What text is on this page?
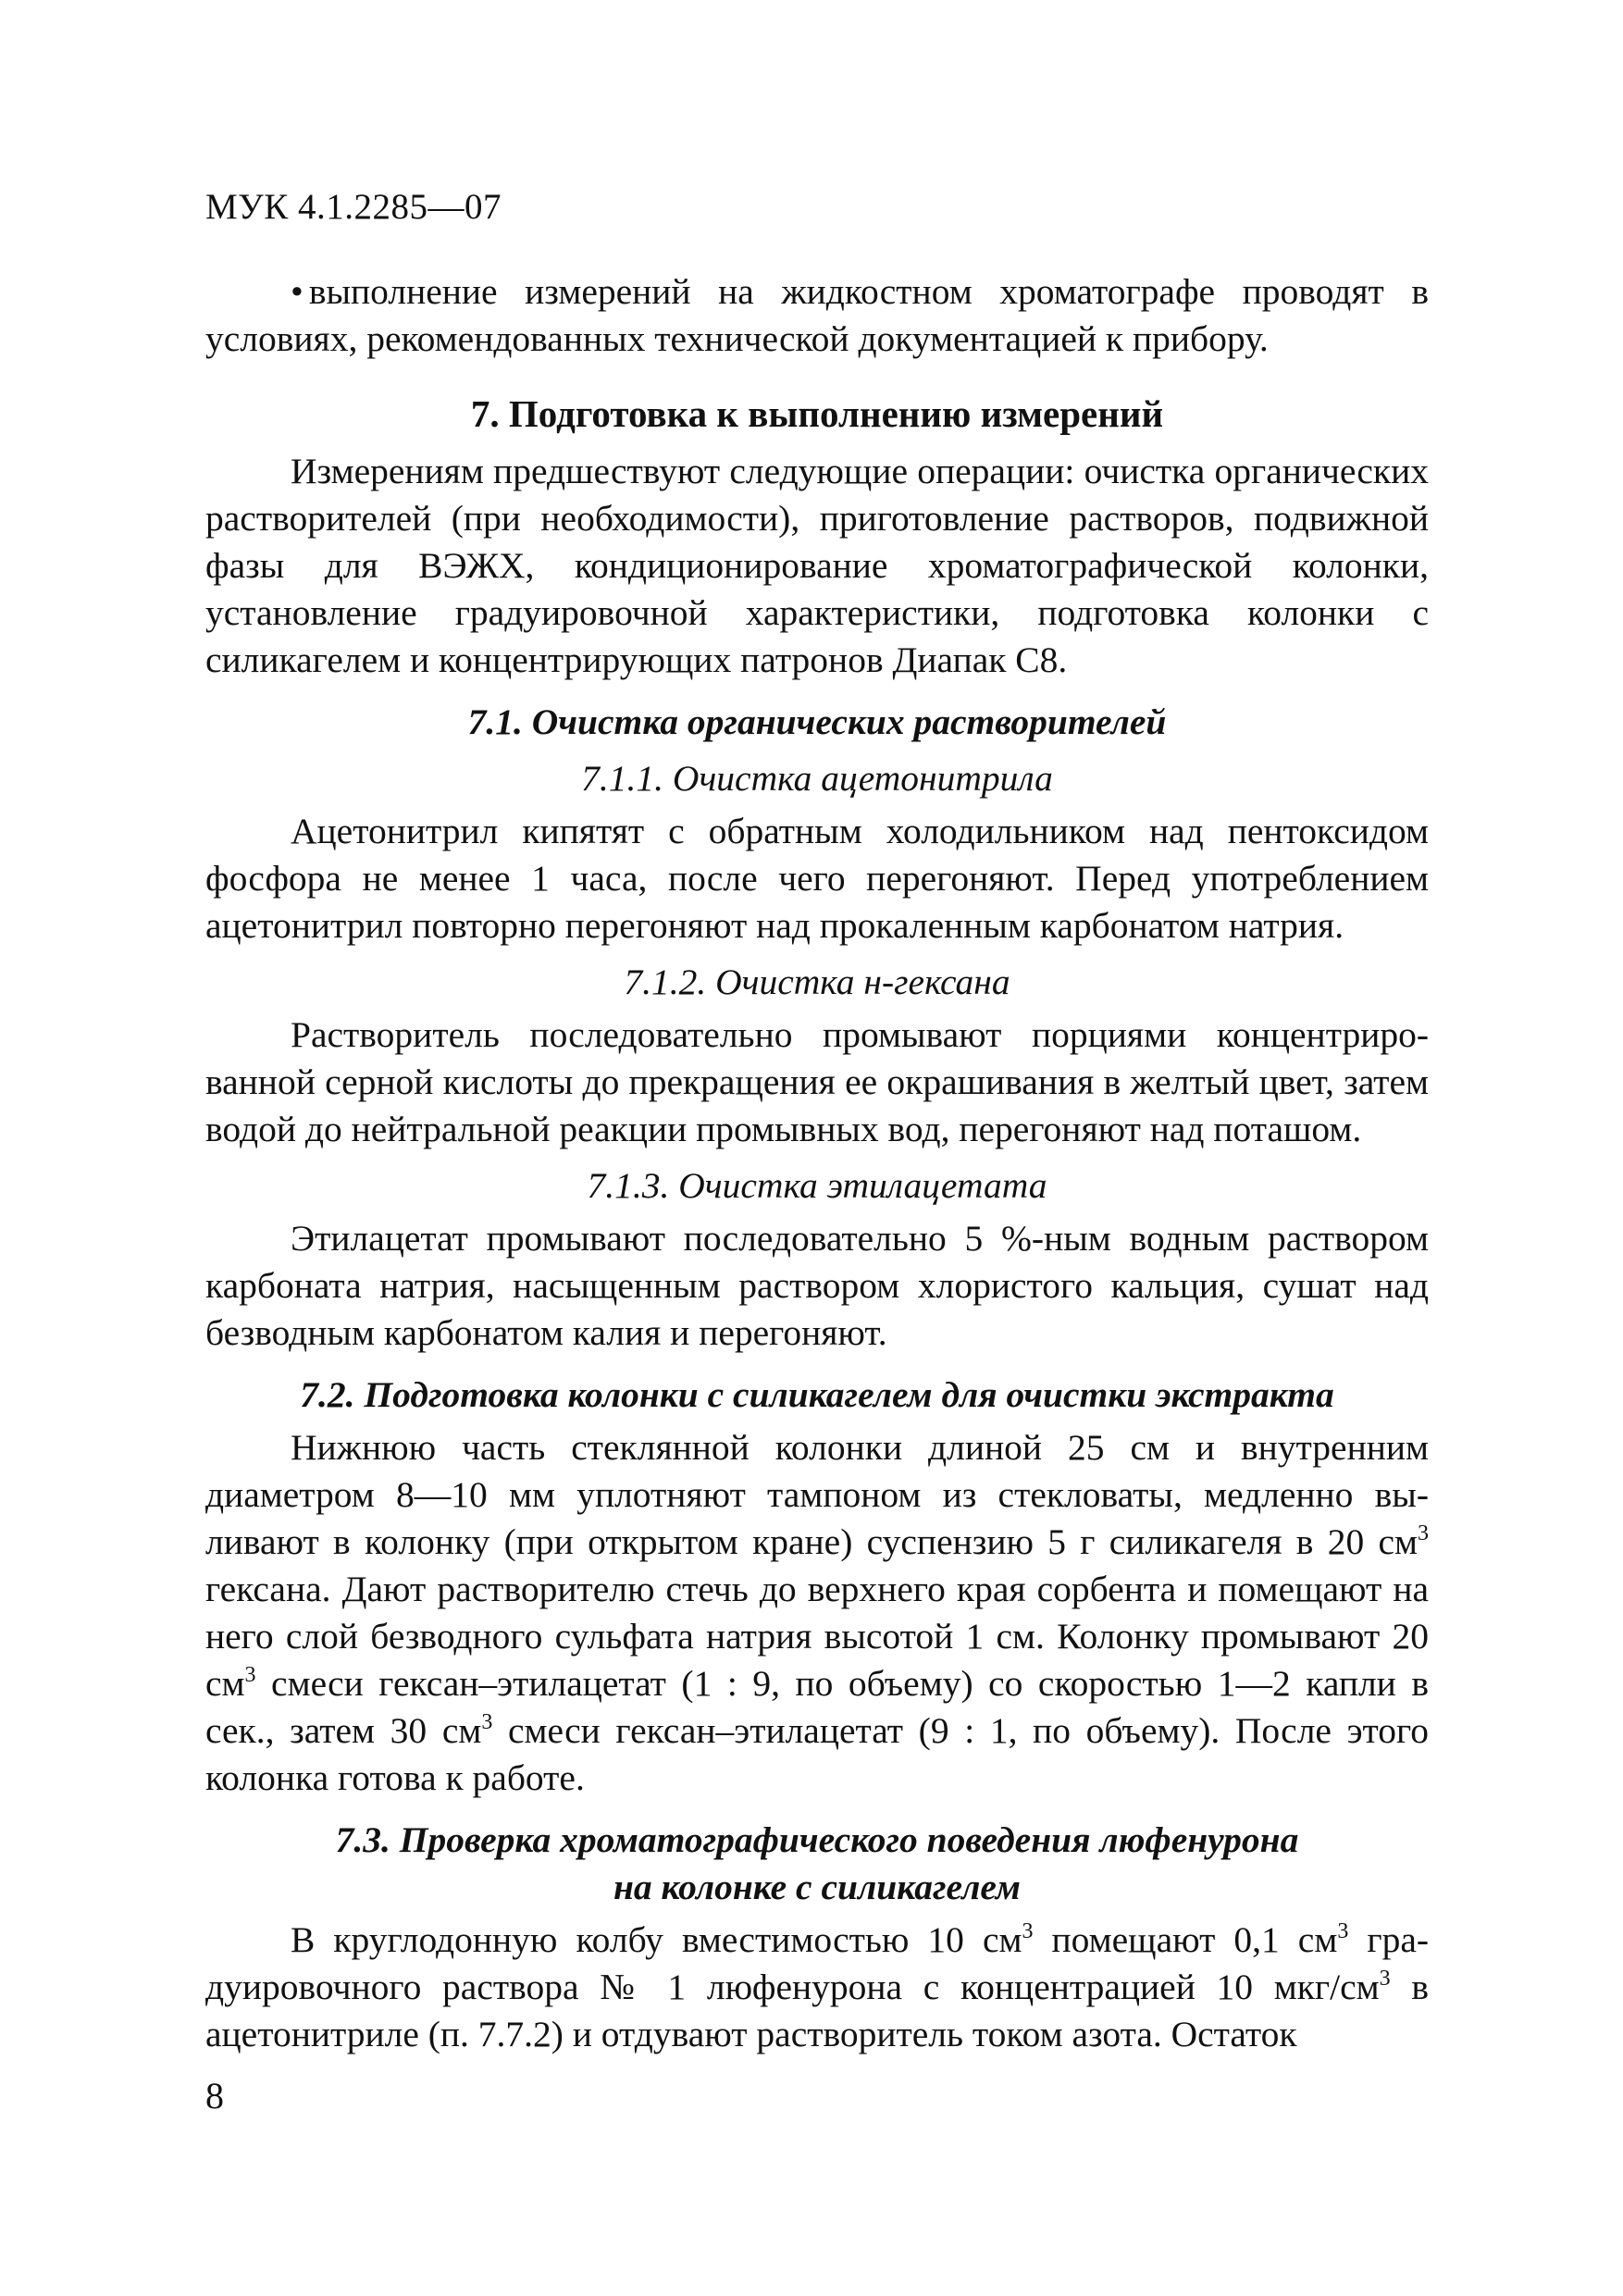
МУК 4.1.2285—07

• выполнение измерений на жидкостном хроматографе проводят в условиях, рекомендованных технической документацией к прибору.

7. Подготовка к выполнению измерений

Измерениям предшествуют следующие операции: очистка органических растворителей (при необходимости), приготовление растворов, подвижной фазы для ВЭЖХ, кондиционирование хроматографической колонки, установление градуировочной характеристики, подготовка колонки с силикагелем и концентрирующих патронов Диапак С8.

7.1. Очистка органических растворителей
7.1.1. Очистка ацетонитрила

Ацетонитрил кипятят с обратным холодильником над пентоксидом фосфора не менее 1 часа, после чего перегоняют. Перед употреблением ацетонитрил повторно перегоняют над прокаленным карбонатом натрия.

7.1.2. Очистка н-гексана

Растворитель последовательно промывают порциями концентрированной серной кислоты до прекращения ее окрашивания в желтый цвет, затем водой до нейтральной реакции промывных вод, перегоняют над поташом.

7.1.3. Очистка этилацетата

Этилацетат промывают последовательно 5 %-ным водным раствором карбоната натрия, насыщенным раствором хлористого кальция, сушат над безводным карбонатом калия и перегоняют.

7.2. Подготовка колонки с силикагелем для очистки экстракта

Нижнюю часть стеклянной колонки длиной 25 см и внутренним диаметром 8—10 мм уплотняют тампоном из стекловаты, медленно выливают в колонку (при открытом кране) суспензию 5 г силикагеля в 20 $см^3$ гексана. Дают растворителю стечь до верхнего края сорбента и помещают на него слой безводного сульфата натрия высотой 1 см. Колонку промывают 20 $см^3$ смеси гексан–этилацетат (1 : 9, по объему) со скоростью 1—2 капли в сек., затем 30 $см^3$ смеси гексан–этилацетат (9 : 1, по объему). После этого колонка готова к работе.

7.3. Проверка хроматографического поведения люфенурона
на колонке с силикагелем

В круглодонную колбу вместимостью 10 $см^3$ помещают 0,1 $см^3$ градуировочного раствора № 1 люфенурона с концентрацией 10 мкг/$см^3$ в ацетонитриле (п. 7.7.2) и отдувают растворитель током азота. Остаток

8
